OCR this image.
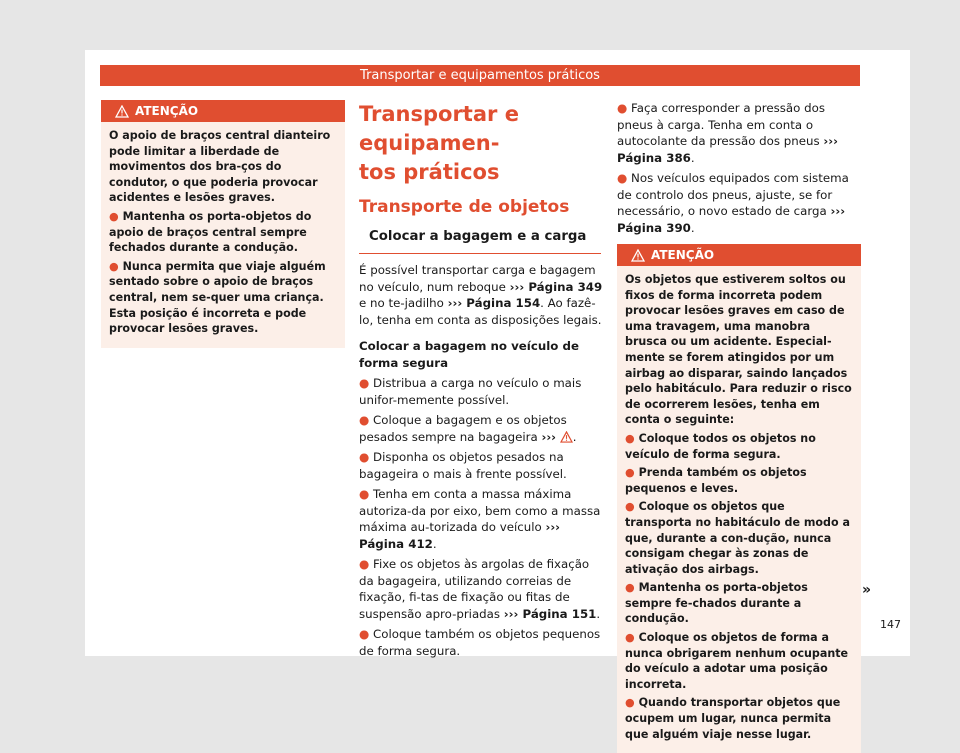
Transportar e equipamentos práticos
ATENÇÃO

O apoio de braços central dianteiro pode limitar a liberdade de movimentos dos bra-ços do condutor, o que poderia provocar acidentes e lesões graves.

● Mantenha os porta-objetos do apoio de braços central sempre fechados durante a condução.

● Nunca permita que viaje alguém sentado sobre o apoio de braços central, nem se-quer uma criança. Esta posição é incorreta e pode provocar lesões graves.

Transportar e equipamen-
tos práticos

Transporte de objetos

Colocar a bagagem e a carga

É possível transportar carga e bagagem no veículo, num reboque ››› Página 349 e no te-jadilho ››› Página 154. Ao fazê-lo, tenha em conta as disposições legais.

Colocar a bagagem no veículo de forma segura

● Distribua a carga no veículo o mais unifor-memente possível.

● Coloque a bagagem e os objetos pesados sempre na bagageira ››› .

● Disponha os objetos pesados na bagageira o mais à frente possível.

● Tenha em conta a massa máxima autoriza-da por eixo, bem como a massa máxima au-torizada do veículo ››› Página 412.

● Fixe os objetos às argolas de fixação da bagageira, utilizando correias de fixação, fi-tas de fixação ou fitas de suspensão apro-priadas ››› Página 151.

● Coloque também os objetos pequenos de forma segura.

● Faça corresponder a pressão dos pneus à carga. Tenha em conta o autocolante da pressão dos pneus ››› Página 386.

● Nos veículos equipados com sistema de controlo dos pneus, ajuste, se for necessário, o novo estado de carga ››› Página 390.

ATENÇÃO

Os objetos que estiverem soltos ou fixos de forma incorreta podem provocar lesões graves em caso de uma travagem, uma manobra brusca ou um acidente. Especial-mente se forem atingidos por um airbag ao disparar, saindo lançados pelo habitáculo. Para reduzir o risco de ocorrerem lesões, tenha em conta o seguinte:

● Coloque todos os objetos no veículo de forma segura.

● Prenda também os objetos pequenos e leves.

● Coloque os objetos que transporta no habitáculo de modo a que, durante a con-dução, nunca consigam chegar às zonas de ativação dos airbags.

● Mantenha os porta-objetos sempre fe-chados durante a condução.

● Coloque os objetos de forma a nunca obrigarem nenhum ocupante do veículo a adotar uma posição incorreta.

● Quando transportar objetos que ocupem um lugar, nunca permita que alguém viaje nesse lugar.

»
147
